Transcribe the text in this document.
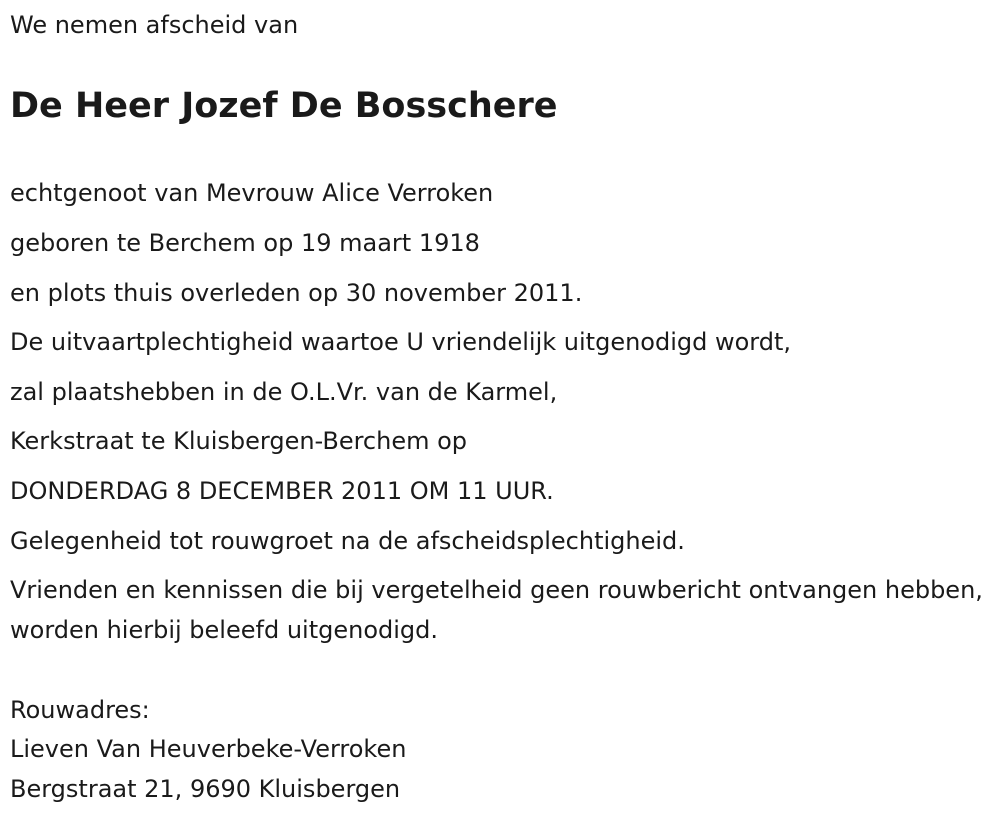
We nemen afscheid van
De Heer Jozef De Bosschere
echtgenoot van Mevrouw Alice Verroken
geboren te Berchem op 19 maart 1918
en plots thuis overleden op 30 november 2011.
De uitvaartplechtigheid waartoe U vriendelijk uitgenodigd wordt,
zal plaatshebben in de O.L.Vr. van de Karmel,
Kerkstraat te Kluisbergen-Berchem op
DONDERDAG 8 DECEMBER 2011 OM 11 UUR.
Gelegenheid tot rouwgroet na de afscheidsplechtigheid.
Vrienden en kennissen die bij vergetelheid geen rouwbericht ontvangen hebben, worden hierbij beleefd uitgenodigd.
Rouwadres:
Lieven Van Heuverbeke-Verroken
Bergstraat 21, 9690 Kluisbergen
